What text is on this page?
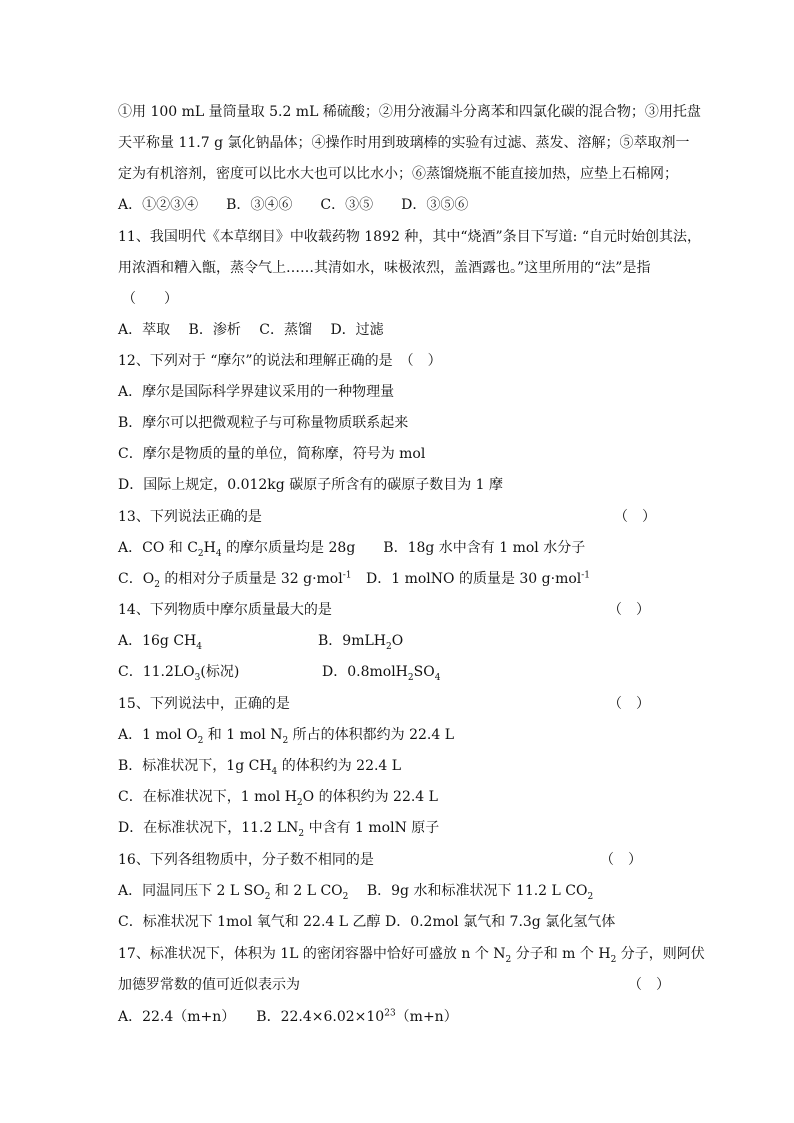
①用 100 mL 量筒量取 5.2 mL 稀硫酸；②用分液漏斗分离苯和四氯化碳的混合物；③用托盘
天平称量 11.7 g 氯化钠晶体；④操作时用到玻璃棒的实验有过滤、蒸发、溶解；⑤萃取剂一
定为有机溶剂，密度可以比水大也可以比水小；⑥蒸馏烧瓶不能直接加热，应垫上石棉网；
A．①②③④　　B．③④⑥　　C．③⑤　　D．③⑤⑥
11、我国明代《本草纲目》中收载药物 1892 种，其中“烧酒”条目下写道: “自元时始创其法，
用浓酒和糟入甑，蒸令气上……其清如水，味极浓烈，盖酒露也。”这里所用的“法”是指
（　　）
A．萃取　 B．渗析　 C．蒸馏　 D．过滤
12、下列对于 “摩尔”的说法和理解正确的是　（　）
A．摩尔是国际科学界建议采用的一种物理量
B．摩尔可以把微观粒子与可称量物质联系起来
C．摩尔是物质的量的单位，简称摩，符号为 mol
D．国际上规定，0.012kg 碳原子所含有的碳原子数目为 1 摩
13、下列说法正确的是	（　）
A．CO 和 $C_2H_4$ 的摩尔质量均是 28g　　B．18g 水中含有 1 mol 水分子
C．$O_2$ 的相对分子质量是 32 g·mol$^{-1}$ D．1 molNO 的质量是 30 g·mol$^{-1}$
14、下列物质中摩尔质量最大的是	（　）
A．16g $CH_4$	B．9mLH$_2$O
C．$11.2LO_3$(标况)	D．$0.8molH_2SO_4$
15、下列说法中，正确的是	（　）
A．1 mol $O_2$ 和 1 mol $N_2$ 所占的体积都约为 22.4 L
B．标准状况下，1g $CH_4$ 的体积约为 22.4 L
C．在标准状况下，1 mol $H_2O$ 的体积约为 22.4 L
D．在标准状况下，11.2 $LN_2$ 中含有 1 molN 原子
16、下列各组物质中，分子数不相同的是	（　）
A．同温同压下 2 L $SO_2$ 和 2 L $CO_2$　 B．9g 水和标准状况下 11.2 L $CO_2$
C．标准状况下 1mol 氧气和 22.4 L 乙醇 D．0.2mol 氯气和 7.3g 氯化氢气体
17、标准状况下，体积为 1L 的密闭容器中恰好可盛放 n 个 $N_2$ 分子和 m 个 $H_2$ 分子，则阿伏
加德罗常数的值可近似表示为	（　）
A．22.4（m+n）　　B．$22.4\times 6.02\times 10^{23}(m+n)$
